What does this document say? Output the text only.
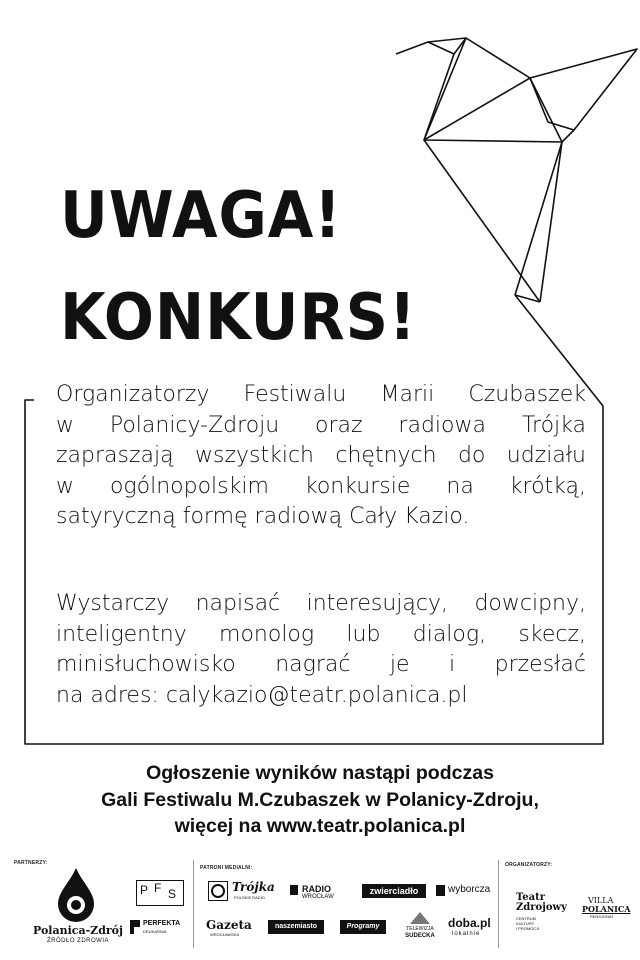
UWAGA!
KONKURS!
Organizatorzy Festiwalu Marii Czubaszek
w Polanicy-Zdroju oraz radiowa Trójka
zapraszają wszystkich chętnych do udziału
w ogólnopolskim konkursie na krótką,
satyryczną formę radiową Cały Kazio.
Wystarczy napisać interesujący, dowcipny,
inteligentny monolog lub dialog, skecz,
minisłuchowisko nagrać je i przesłać
na adres: calykazio@teatr.polanica.pl
Ogłoszenie wyników nastąpi podczas
Gali Festiwalu M.Czubaszek w Polanicy-Zdroju,
więcej na www.teatr.polanica.pl
PARTNERZY:
PATRONI MEDIALNI:	ORGANIZATORZY:
Polanica-Zdrój
ŹRÓDŁO ZDROWIA
P F S
PERFEKTA
DRUKARNIA
Trójka
POLSKIE RADIO
RADIO
WROCŁAW
zwierciadło	wyborcza
Gazeta
WROCŁAWSKA
naszemiasto	Programy	TELEWIZJA
SUDECKA
doba.pl
lokalnie
Teatr
Zdrojowy
CENTRUM
KULTURY
I PROMOCJI
VILLA
POLANICA
PENSJONAT
